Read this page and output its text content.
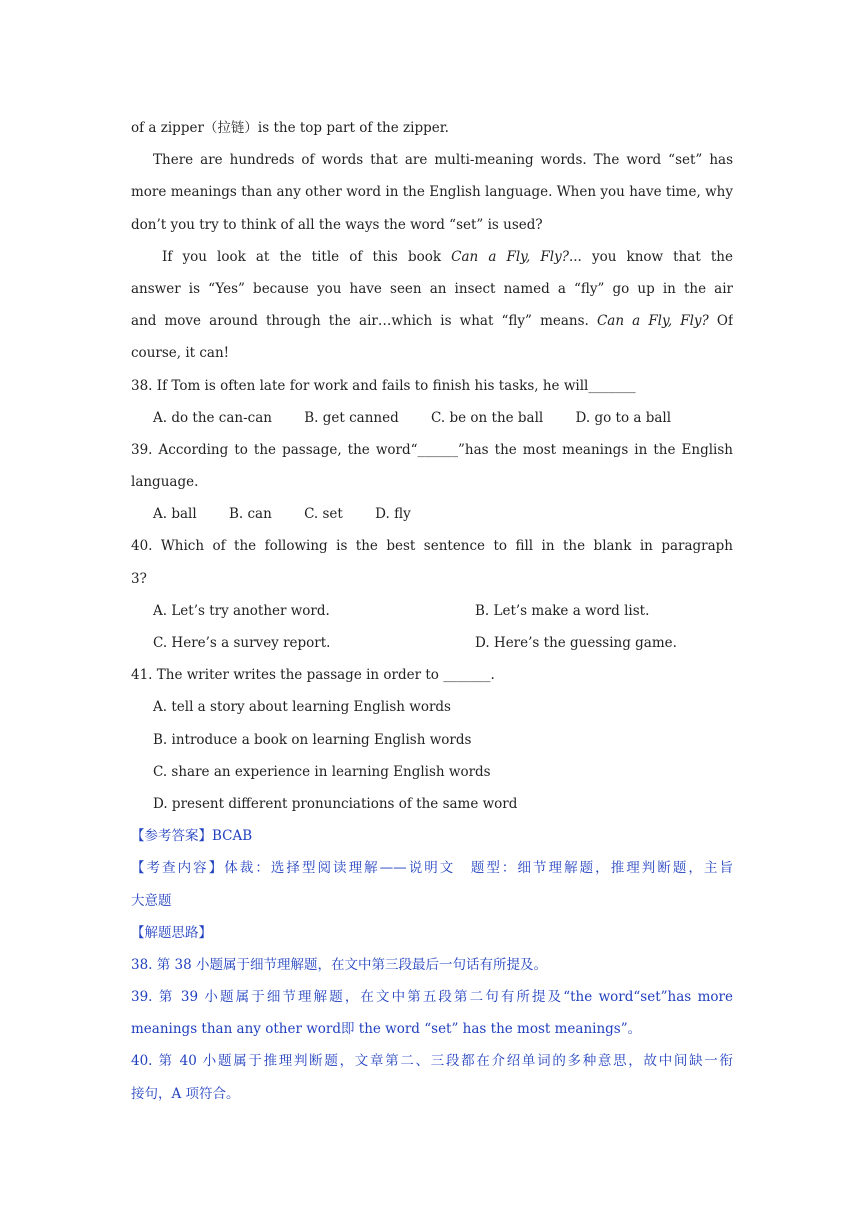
of a zipper（拉链）is the top part of the zipper.
There are hundreds of words that are multi-meaning words. The word “set” has
more meanings than any other word in the English language. When you have time, why
don’t you try to think of all the ways the word “set” is used?
If you look at the title of this book Can a Fly, Fly?... you know that the
answer is “Yes” because you have seen an insect named a “fly” go up in the air
and move around through the air…which is what “fly” means. Can a Fly, Fly? Of
course, it can!
38. If Tom is often late for work and fails to finish his tasks, he will_______
A. do the can-can B. get canned C. be on the ball D. go to a ball
39. According to the passage, the word“______”has the most meanings in the English
language.
A. ball B. can C. set D. fly
40. Which of the following is the best sentence to fill in the blank in paragraph
3?
A. Let’s try another word.	B. Let’s make a word list.
C. Here’s a survey report.	D. Here’s the guessing game.
41. The writer writes the passage in order to _______.
A. tell a story about learning English words
B. introduce a book on learning English words
C. share an experience in learning English words
D. present different pronunciations of the same word
【参考答案】BCAB
【考查内容】体裁：选择型阅读理解——说明文　题型：细节理解题，推理判断题，主旨
大意题
【解题思路】
38. 第 38 小题属于细节理解题，在文中第三段最后一句话有所提及。
39. 第 39 小题属于细节理解题，在文中第五段第二句有所提及“the word“set”has more
meanings than any other word即 the word “set” has the most meanings”。
40. 第 40 小题属于推理判断题，文章第二、三段都在介绍单词的多种意思，故中间缺一衔
接句，A 项符合。
